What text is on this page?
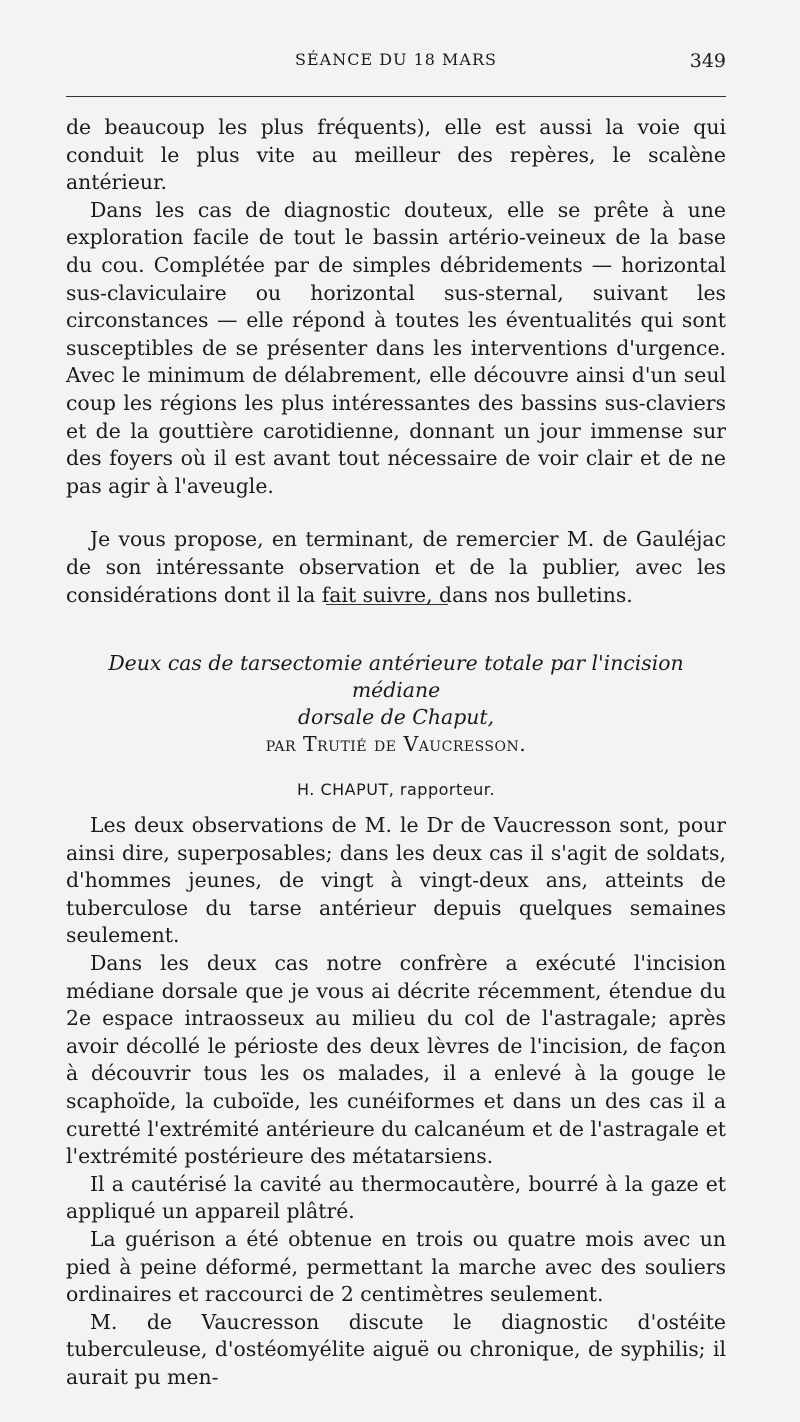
SÉANCE DU 18 MARS	349

de beaucoup les plus fréquents), elle est aussi la voie qui conduit le plus vite au meilleur des repères, le scalène antérieur.

Dans les cas de diagnostic douteux, elle se prête à une exploration facile de tout le bassin artério-veineux de la base du cou. Complétée par de simples débridements — horizontal sus-claviculaire ou horizontal sus-sternal, suivant les circonstances — elle répond à toutes les éventualités qui sont susceptibles de se présenter dans les interventions d'urgence. Avec le minimum de délabrement, elle découvre ainsi d'un seul coup les régions les plus intéressantes des bassins sus-claviers et de la gouttière carotidienne, donnant un jour immense sur des foyers où il est avant tout nécessaire de voir clair et de ne pas agir à l'aveugle.

Je vous propose, en terminant, de remercier M. de Gauléjac de son intéressante observation et de la publier, avec les considérations dont il la fait suivre, dans nos bulletins.

Deux cas de tarsectomie antérieure totale par l'incision médiane
dorsale de Chaput,
par Trutié de Vaucresson.
H. CHAPUT, rapporteur.

Les deux observations de M. le Dr de Vaucresson sont, pour ainsi dire, superposables; dans les deux cas il s'agit de soldats, d'hommes jeunes, de vingt à vingt-deux ans, atteints de tuberculose du tarse antérieur depuis quelques semaines seulement.

Dans les deux cas notre confrère a exécuté l'incision médiane dorsale que je vous ai décrite récemment, étendue du 2e espace intraosseux au milieu du col de l'astragale; après avoir décollé le périoste des deux lèvres de l'incision, de façon à découvrir tous les os malades, il a enlevé à la gouge le scaphoïde, la cuboïde, les cunéiformes et dans un des cas il a curetté l'extrémité antérieure du calcanéum et de l'astragale et l'extrémité postérieure des métatarsiens.

Il a cautérisé la cavité au thermocautère, bourré à la gaze et appliqué un appareil plâtré.

La guérison a été obtenue en trois ou quatre mois avec un pied à peine déformé, permettant la marche avec des souliers ordinaires et raccourci de 2 centimètres seulement.

M. de Vaucresson discute le diagnostic d'ostéite tuberculeuse, d'ostéomyélite aiguë ou chronique, de syphilis; il aurait pu men-
